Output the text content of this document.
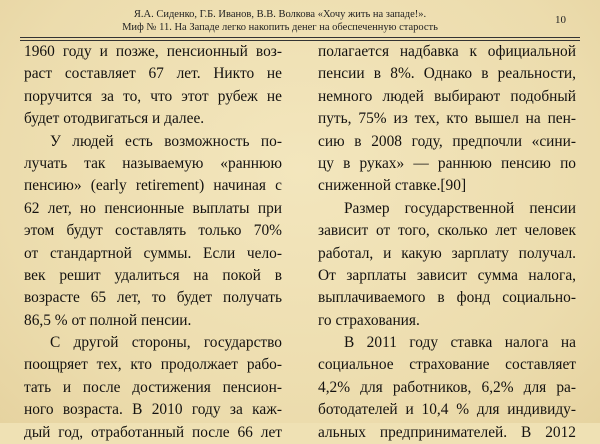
Я.А. Сиденко, Г.Б. Иванов, В.В. Волкова «Хочу жить на западе!».
Миф № 11. На Западе легко накопить денег на обеспеченную старость
10
1960 году и позже, пенсионный воз-
раст составляет 67 лет. Никто не
поручится за то, что этот рубеж не
будет отодвигаться и далее.
У людей есть возможность по-
лучать так называемую «раннюю
пенсию» (early retirement) начиная с
62 лет, но пенсионные выплаты при
этом будут составлять только 70%
от стандартной суммы. Если чело-
век решит удалиться на покой в
возрасте 65 лет, то будет получать
86,5 % от полной пенсии.
С другой стороны, государство
поощряет тех, кто продолжает рабо-
тать и после достижения пенсион-
ного возраста. В 2010 году за каж-
дый год, отработанный после 66 лет
полагается надбавка к официальной
пенсии в 8%. Однако в реальности,
немного людей выбирают подобный
путь, 75% из тех, кто вышел на пен-
сию в 2008 году, предпочли «сини-
цу в руках» — раннюю пенсию по
сниженной ставке.[90]
Размер государственной пенсии
зависит от того, сколько лет человек
работал, и какую зарплату получал.
От зарплаты зависит сумма налога,
выплачиваемого в фонд социально-
го страхования.
В 2011 году ставка налога на
социальное страхование составляет
4,2% для работников, 6,2% для ра-
ботодателей и 10,4 % для индивиду-
альных предпринимателей. В 2012
